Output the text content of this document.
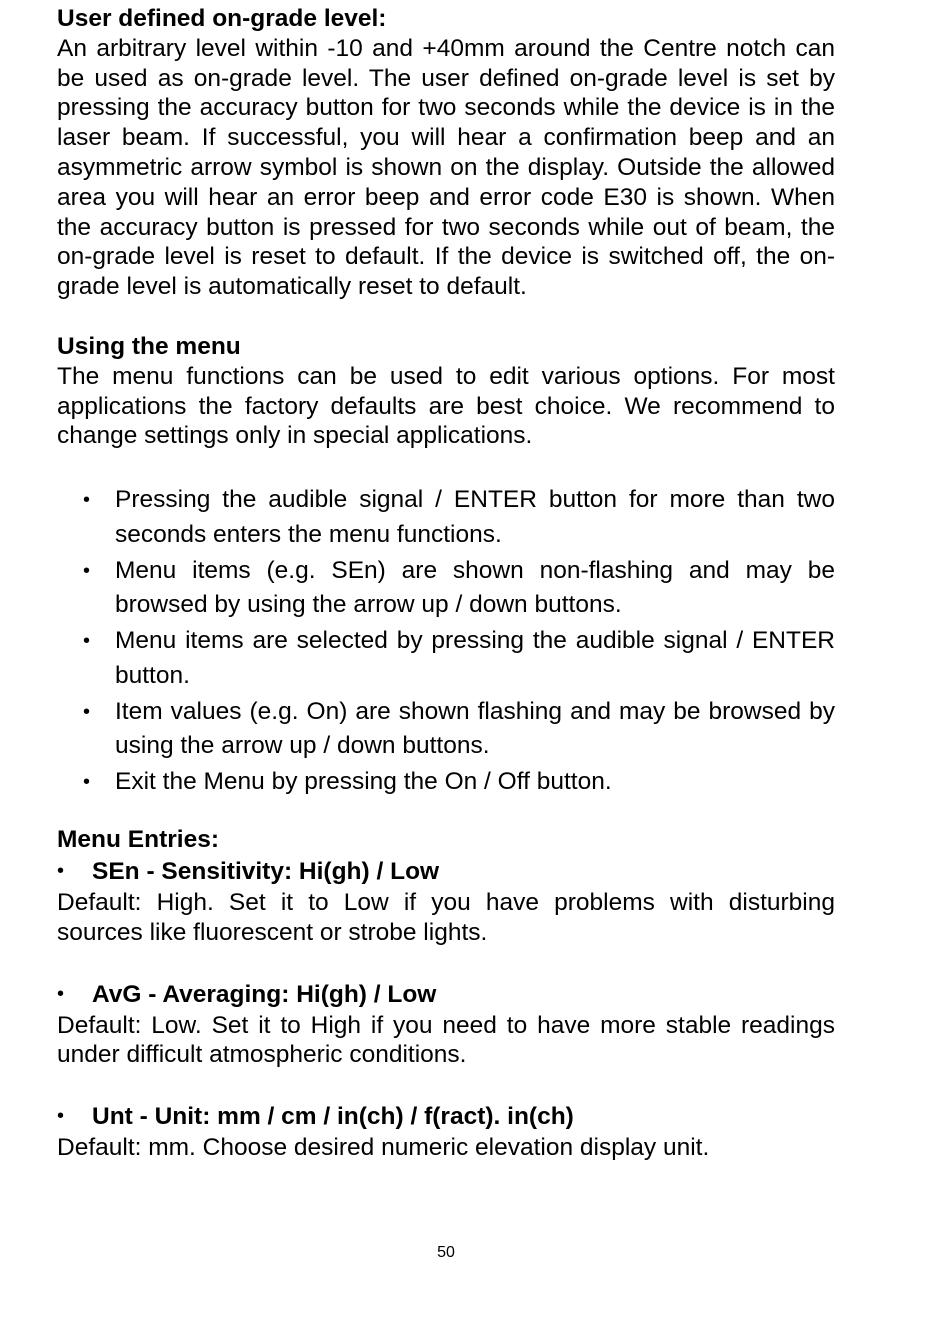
User defined on-grade level:

An arbitrary level within -10 and +40mm around the Centre notch can be used as on-grade level. The user defined on-grade level is set by pressing the accuracy button for two seconds while the device is in the laser beam. If successful, you will hear a confirmation beep and an asymmetric arrow symbol is shown on the display. Outside the allowed area you will hear an error beep and error code E30 is shown. When the accuracy button is pressed for two seconds while out of beam, the on-grade level is reset to default. If the device is switched off, the on-grade level is automatically reset to default.

Using the menu

The menu functions can be used to edit various options. For most applications the factory defaults are best choice. We recommend to change settings only in special applications.

• Pressing the audible signal / ENTER button for more than two seconds enters the menu functions.
• Menu items (e.g. SEn) are shown non-flashing and may be browsed by using the arrow up / down buttons.
• Menu items are selected by pressing the audible signal / ENTER button.
• Item values (e.g. On) are shown flashing and may be browsed by using the arrow up / down buttons.
• Exit the Menu by pressing the On / Off button.

Menu Entries:

• SEn - Sensitivity: Hi(gh) / Low

Default: High. Set it to Low if you have problems with disturbing sources like fluorescent or strobe lights.

• AvG - Averaging: Hi(gh) / Low

Default: Low. Set it to High if you need to have more stable readings under difficult atmospheric conditions.

• Unt - Unit: mm / cm / in(ch) / f(ract). in(ch)

Default: mm. Choose desired numeric elevation display unit.

50
